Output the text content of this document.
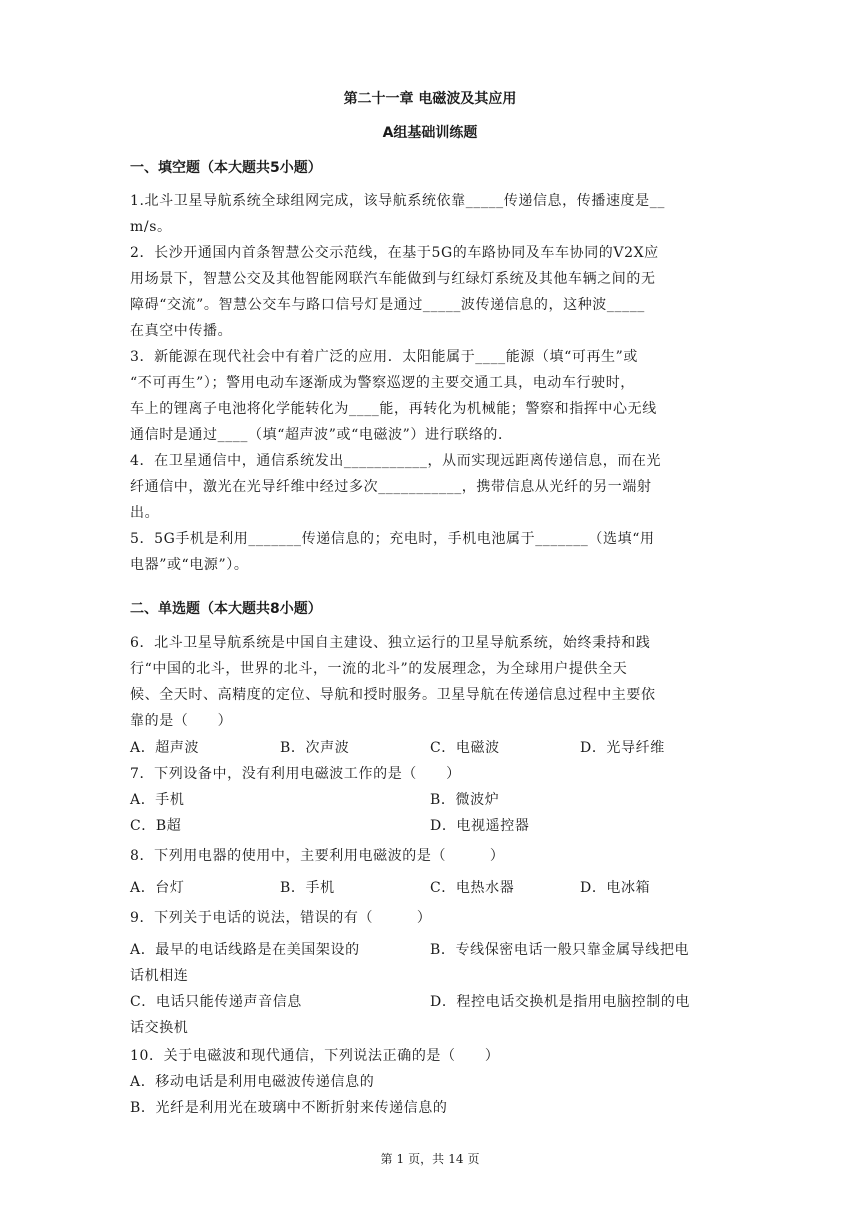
第二十一章 电磁波及其应用
A组基础训练题
一、填空题（本大题共5小题）
1.北斗卫星导航系统全球组网完成，该导航系统依靠_____传递信息，传播速度是__
m/s。
2．长沙开通国内首条智慧公交示范线，在基于5G的车路协同及车车协同的V2X应
用场景下，智慧公交及其他智能网联汽车能做到与红绿灯系统及其他车辆之间的无
障碍“交流”。智慧公交车与路口信号灯是通过_____波传递信息的，这种波_____
在真空中传播。
3．新能源在现代社会中有着广泛的应用．太阳能属于____能源（填“可再生”或
“不可再生”）；警用电动车逐渐成为警察巡逻的主要交通工具，电动车行驶时，
车上的锂离子电池将化学能转化为____能，再转化为机械能；警察和指挥中心无线
通信时是通过____（填“超声波”或“电磁波”）进行联络的．
4．在卫星通信中，通信系统发出___________，从而实现远距离传递信息，而在光
纤通信中，激光在光导纤维中经过多次___________，携带信息从光纤的另一端射
出。
5．5G手机是利用_______传递信息的；充电时，手机电池属于_______（选填“用
电器”或“电源”）。
二、单选题（本大题共8小题）
6．北斗卫星导航系统是中国自主建设、独立运行的卫星导航系统，始终秉持和践
行“中国的北斗，世界的北斗，一流的北斗”的发展理念，为全球用户提供全天
候、全天时、高精度的定位、导航和授时服务。卫星导航在传递信息过程中主要依
靠的是（　　）
A．超声波	B．次声波	C．电磁波	D．光导纤维
7．下列设备中，没有利用电磁波工作的是（　　）
A．手机	B．微波炉
C．B超	D．电视遥控器
8．下列用电器的使用中，主要利用电磁波的是（　　　）
A．台灯	B．手机	C．电热水器	D．电冰箱
9．下列关于电话的说法，错误的有（　　　）
A．最早的电话线路是在美国架设的	B．专线保密电话一般只靠金属导线把电
话机相连
C．电话只能传递声音信息	D．程控电话交换机是指用电脑控制的电
话交换机
10．关于电磁波和现代通信，下列说法正确的是（　　）
A．移动电话是利用电磁波传递信息的
B．光纤是利用光在玻璃中不断折射来传递信息的
第 1 页，共 14 页
